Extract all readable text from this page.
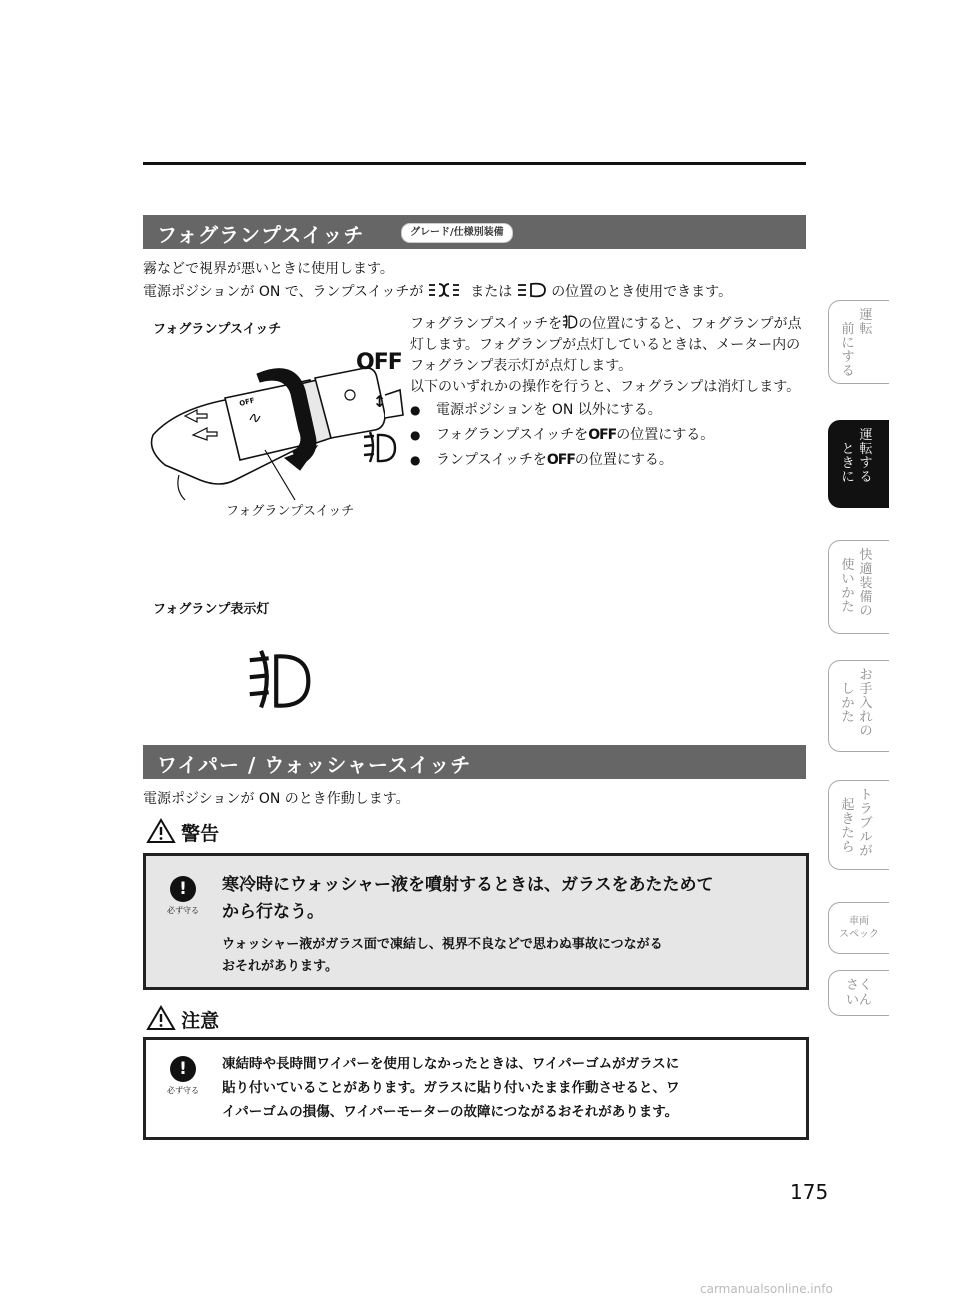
フォグランプスイッチ	グレード/仕様別装備
霧などで視界が悪いときに使用します。
電源ポジションが ON で、ランプスイッチが	または	の位置のとき使用できます。
フォグランプスイッチ
OFF
フォグランプスイッチ
OFF
↕

フォグランプスイッチを の位置にすると、フォグランプが点灯します。フォグランプが点灯しているときは、メーター内のフォグランプ表示灯が点灯します。

以下のいずれかの操作を行うと、フォグランプは消灯します。

● 電源ポジションを ON 以外にする。
● フォグランプスイッチをOFFの位置にする。
● ランプスイッチをOFFの位置にする。
フォグランプ表示灯
ワイパー / ウォッシャースイッチ
電源ポジションが ON のとき作動します。
警告
!
必ず守る
寒冷時にウォッシャー液を噴射するときは、ガラスをあたためて
から行なう。
ウォッシャー液がガラス面で凍結し、視界不良などで思わぬ事故につながる
おそれがあります。
注意
!
必ず守る
凍結時や長時間ワイパーを使用しなかったときは、ワイパーゴムがガラスに
貼り付いていることがあります。ガラスに貼り付いたまま作動させると、ワ
イパーゴムの損傷、ワイパーモーターの故障につながるおそれがあります。
運転
前にする
運転する
ときに
快適装備の
使いかた
お手入れの
しかた
トラブルが
起きたら
車両
スペック
さく
いん
175
carmanualsonline.info
